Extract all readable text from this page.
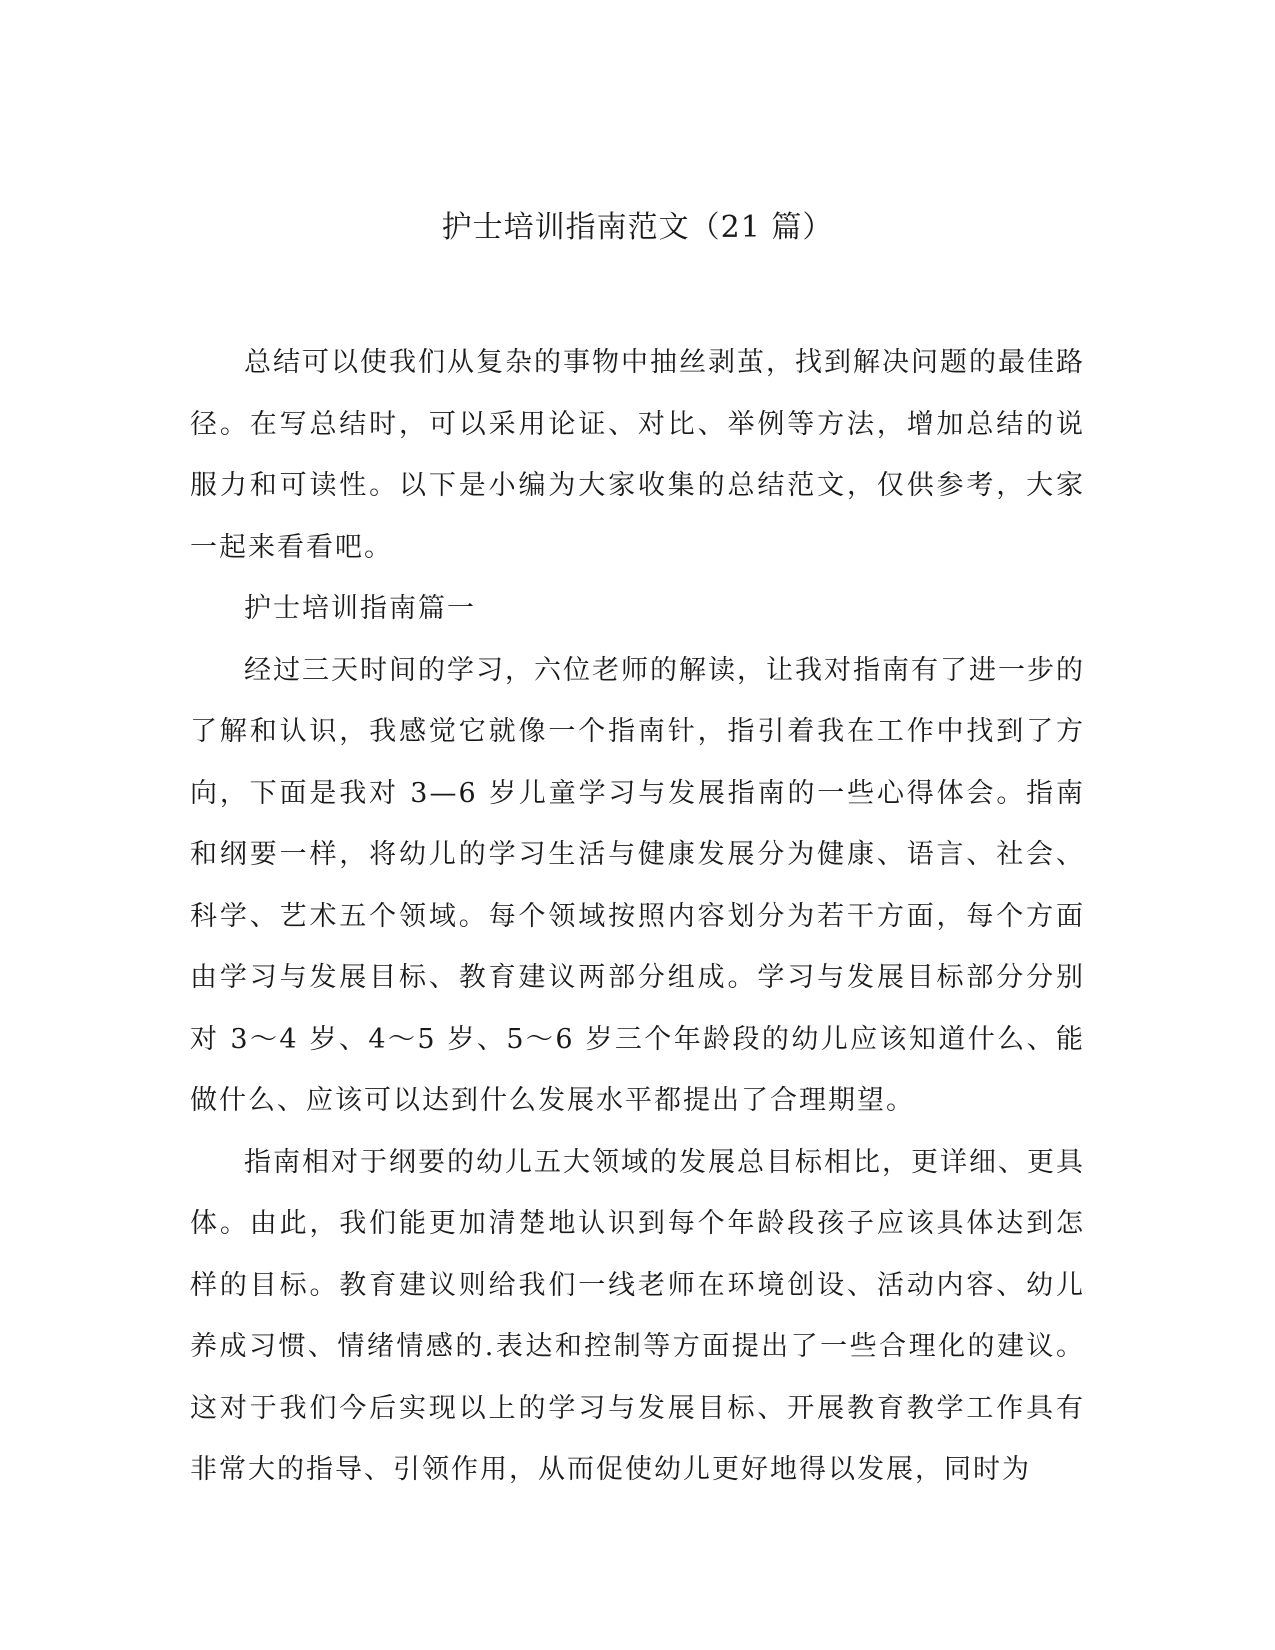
护士培训指南范文（21 篇）

总结可以使我们从复杂的事物中抽丝剥茧，找到解决问题的最佳路径。在写总结时，可以采用论证、对比、举例等方法，增加总结的说服力和可读性。以下是小编为大家收集的总结范文，仅供参考，大家一起来看看吧。

护士培训指南篇一

经过三天时间的学习，六位老师的解读，让我对指南有了进一步的了解和认识，我感觉它就像一个指南针，指引着我在工作中找到了方向，下面是我对 3—6 岁儿童学习与发展指南的一些心得体会。指南和纲要一样，将幼儿的学习生活与健康发展分为健康、语言、社会、科学、艺术五个领域。每个领域按照内容划分为若干方面，每个方面由学习与发展目标、教育建议两部分组成。学习与发展目标部分分别对 3～4 岁、4～5 岁、5～6 岁三个年龄段的幼儿应该知道什么、能做什么、应该可以达到什么发展水平都提出了合理期望。

指南相对于纲要的幼儿五大领域的发展总目标相比，更详细、更具体。由此，我们能更加清楚地认识到每个年龄段孩子应该具体达到怎样的目标。教育建议则给我们一线老师在环境创设、活动内容、幼儿养成习惯、情绪情感的.表达和控制等方面提出了一些合理化的建议。这对于我们今后实现以上的学习与发展目标、开展教育教学工作具有非常大的指导、引领作用，从而促使幼儿更好地得以发展，同时为
